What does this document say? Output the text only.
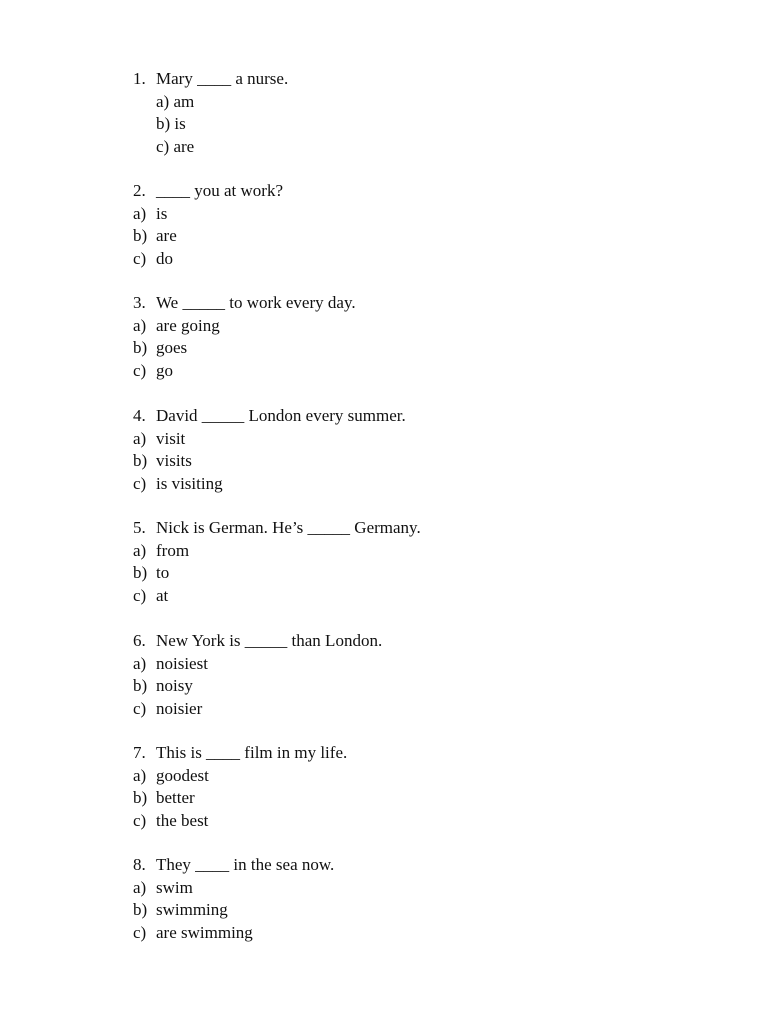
1. Mary ____ a nurse.
a) am
b) is
c) are
2. ____ you at work?
a) is
b) are
c) do
3. We _____ to work every day.
a) are going
b) goes
c) go
4. David _____ London every summer.
a) visit
b) visits
c) is visiting
5. Nick is German. He’s _____ Germany.
a) from
b) to
c) at
6. New York is _____ than London.
a) noisiest
b) noisy
c) noisier
7. This is ____ film in my life.
a) goodest
b) better
c) the best
8. They ____ in the sea now.
a) swim
b) swimming
c) are swimming
